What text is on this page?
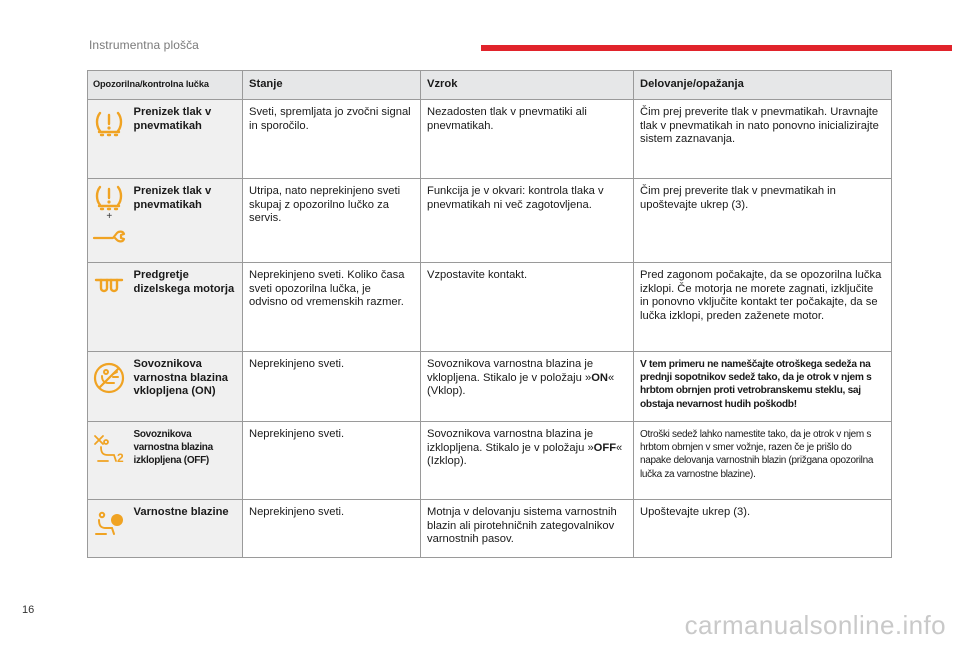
Instrumentna plošča
Opozorilna/kontrolna lučka		Stanje	Vzrok	Delovanje/opažanja

	Prenizek tlak v pnevmatikah	Sveti, spremljata jo zvočni signal in sporočilo.	Nezadosten tlak v pnevmatiki ali pnevmatikah.	Čim prej preverite tlak v pnevmatikah. Uravnajte tlak v pnevmatikah in nato ponovno inicializirajte sistem zaznavanja.

+	Prenizek tlak v pnevmatikah	Utripa, nato neprekinjeno sveti skupaj z opozorilno lučko za servis.	Funkcija je v okvari: kontrola tlaka v pnevmatikah ni več zagotovljena.	Čim prej preverite tlak v pnevmatikah in upoštevajte ukrep (3).

	Predgretje dizelskega motorja	Neprekinjeno sveti. Koliko časa sveti opozorilna lučka, je odvisno od vremenskih razmer.	Vzpostavite kontakt.	Pred zagonom počakajte, da se opozorilna lučka izklopi. Če motorja ne morete zagnati, izključite in ponovno vključite kontakt ter počakajte, da se lučka izklopi, preden zaženete motor.

	Sovoznikova varnostna blazina vklopljena (ON)	Neprekinjeno sveti.	Sovoznikova varnostna blazina je vklopljena. Stikalo je v položaju »ON« (Vklop).	V tem primeru ne nameščajte otroškega sedeža na prednji sopotnikov sedež tako, da je otrok v njem s hrbtom obrnjen proti vetrobranskemu steklu, saj obstaja nevarnost hudih poškodb!

2	Sovoznikova varnostna blazina izklopljena (OFF)	Neprekinjeno sveti.	Sovoznikova varnostna blazina je izklopljena. Stikalo je v položaju »OFF« (Izklop).	Otroški sedež lahko namestite tako, da je otrok v njem s hrbtom obrnjen v smer vožnje, razen če je prišlo do napake delovanja varnostnih blazin (prižgana opozorilna lučka za varnostne blazine).

	Varnostne blazine	Neprekinjeno sveti.	Motnja v delovanju sistema varnostnih blazin ali pirotehničnih zategovalnikov varnostnih pasov.	Upoštevajte ukrep (3).
16	carmanualsonline.info
